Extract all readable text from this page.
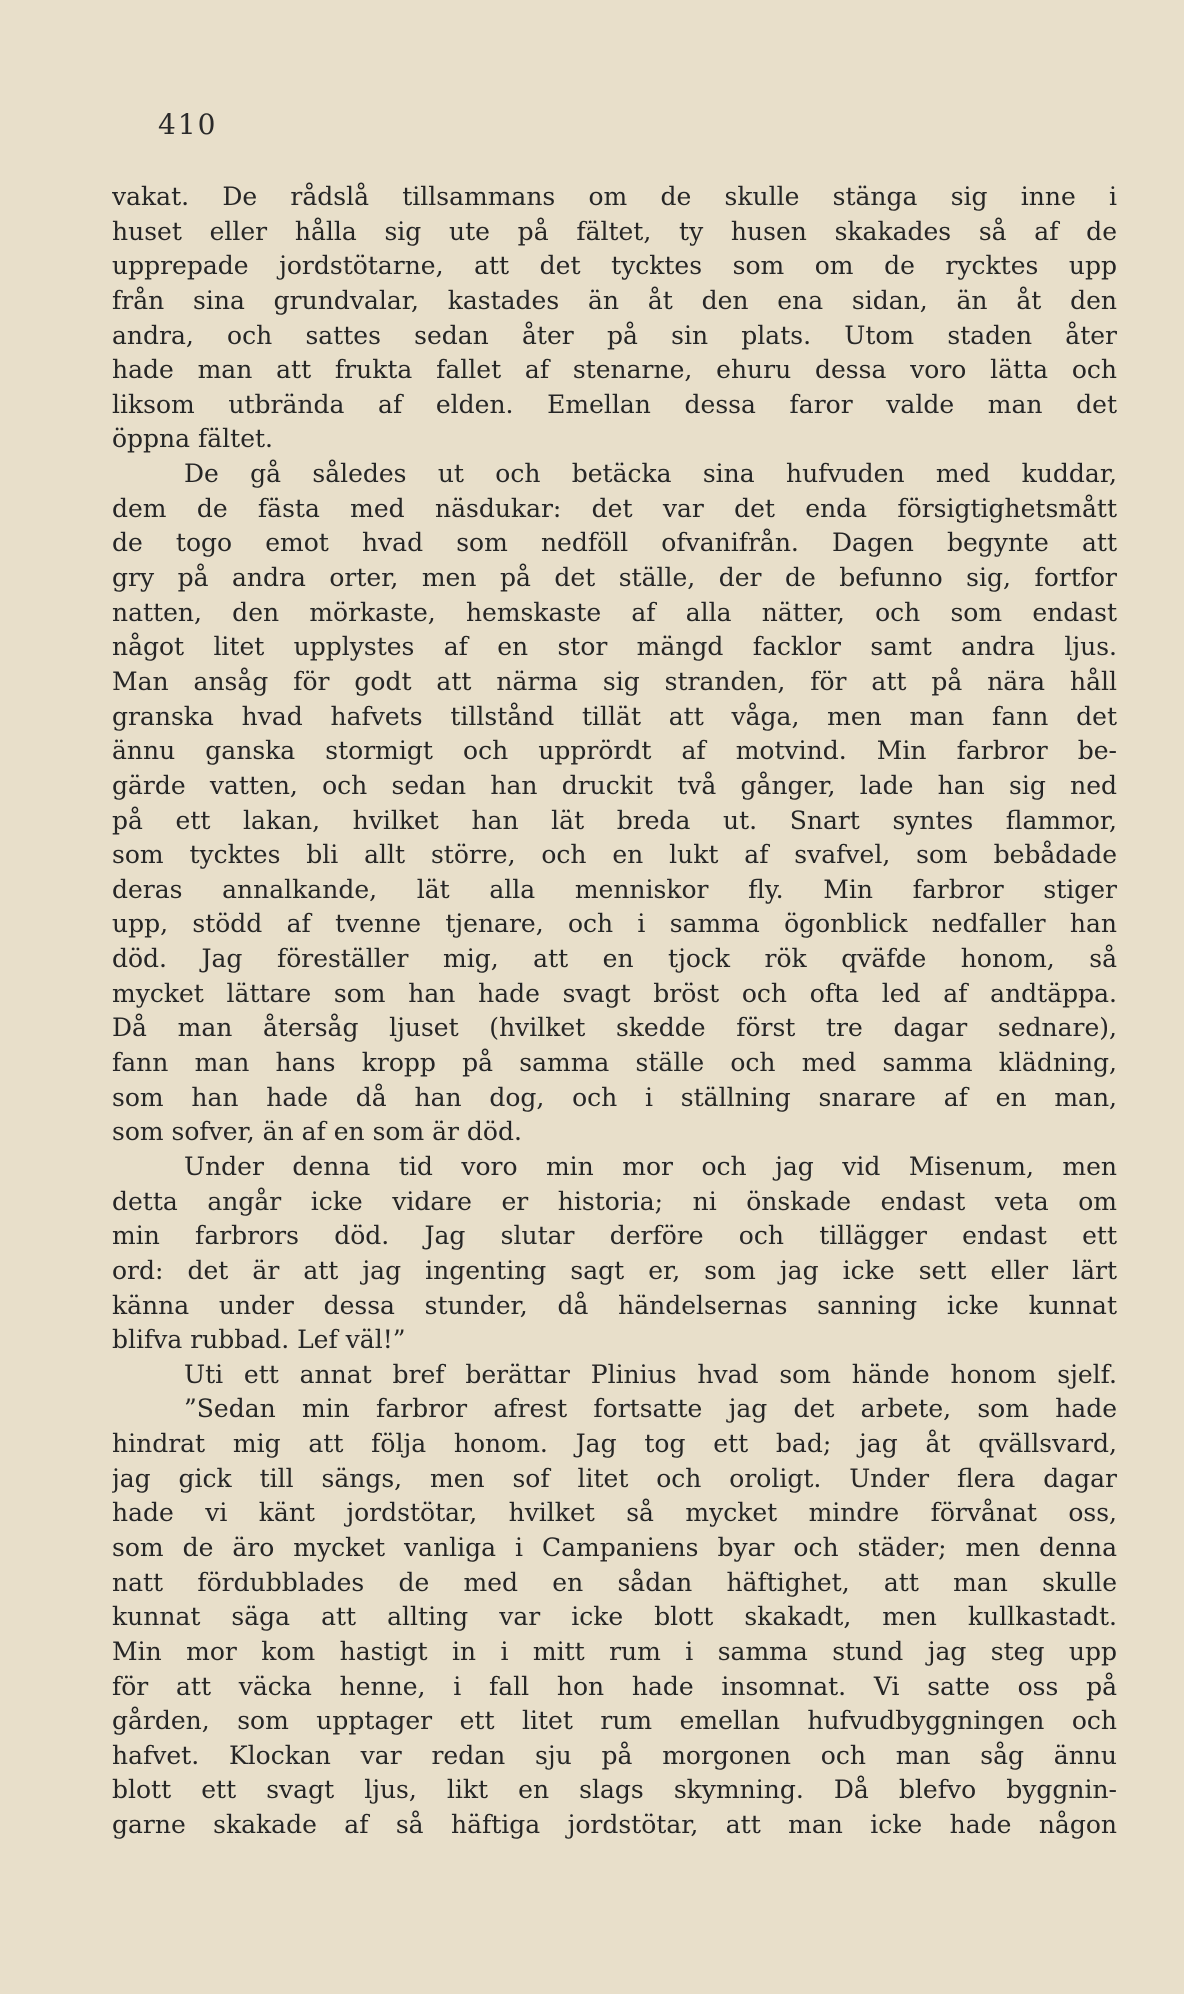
410
vakat. De rådslå tillsammans om de skulle stänga sig inne i
huset eller hålla sig ute på fältet, ty husen skakades så af de
upprepade jordstötarne, att det tycktes som om de rycktes upp
från sina grundvalar, kastades än åt den ena sidan, än åt den
andra, och sattes sedan åter på sin plats. Utom staden åter
hade man att frukta fallet af stenarne, ehuru dessa voro lätta och
liksom utbrända af elden. Emellan dessa faror valde man det
öppna fältet.
De gå således ut och betäcka sina hufvuden med kuddar,
dem de fästa med näsdukar: det var det enda försigtighetsmått
de togo emot hvad som nedföll ofvanifrån. Dagen begynte att
gry på andra orter, men på det ställe, der de befunno sig, fortfor
natten, den mörkaste, hemskaste af alla nätter, och som endast
något litet upplystes af en stor mängd facklor samt andra ljus.
Man ansåg för godt att närma sig stranden, för att på nära håll
granska hvad hafvets tillstånd tillät att våga, men man fann det
ännu ganska stormigt och upprördt af motvind. Min farbror be-
gärde vatten, och sedan han druckit två gånger, lade han sig ned
på ett lakan, hvilket han lät breda ut. Snart syntes flammor,
som tycktes bli allt större, och en lukt af svafvel, som bebådade
deras annalkande, lät alla menniskor fly. Min farbror stiger
upp, stödd af tvenne tjenare, och i samma ögonblick nedfaller han
död. Jag föreställer mig, att en tjock rök qväfde honom, så
mycket lättare som han hade svagt bröst och ofta led af andtäppa.
Då man återsåg ljuset (hvilket skedde först tre dagar sednare),
fann man hans kropp på samma ställe och med samma klädning,
som han hade då han dog, och i ställning snarare af en man,
som sofver, än af en som är död.
Under denna tid voro min mor och jag vid Misenum, men
detta angår icke vidare er historia; ni önskade endast veta om
min farbrors död. Jag slutar derföre och tillägger endast ett
ord: det är att jag ingenting sagt er, som jag icke sett eller lärt
känna under dessa stunder, då händelsernas sanning icke kunnat
blifva rubbad. Lef väl!”
Uti ett annat bref berättar Plinius hvad som hände honom sjelf.
”Sedan min farbror afrest fortsatte jag det arbete, som hade
hindrat mig att följa honom. Jag tog ett bad; jag åt qvällsvard,
jag gick till sängs, men sof litet och oroligt. Under flera dagar
hade vi känt jordstötar, hvilket så mycket mindre förvånat oss,
som de äro mycket vanliga i Campaniens byar och städer; men denna
natt fördubblades de med en sådan häftighet, att man skulle
kunnat säga att allting var icke blott skakadt, men kullkastadt.
Min mor kom hastigt in i mitt rum i samma stund jag steg upp
för att väcka henne, i fall hon hade insomnat. Vi satte oss på
gården, som upptager ett litet rum emellan hufvudbyggningen och
hafvet. Klockan var redan sju på morgonen och man såg ännu
blott ett svagt ljus, likt en slags skymning. Då blefvo byggnin-
garne skakade af så häftiga jordstötar, att man icke hade någon
